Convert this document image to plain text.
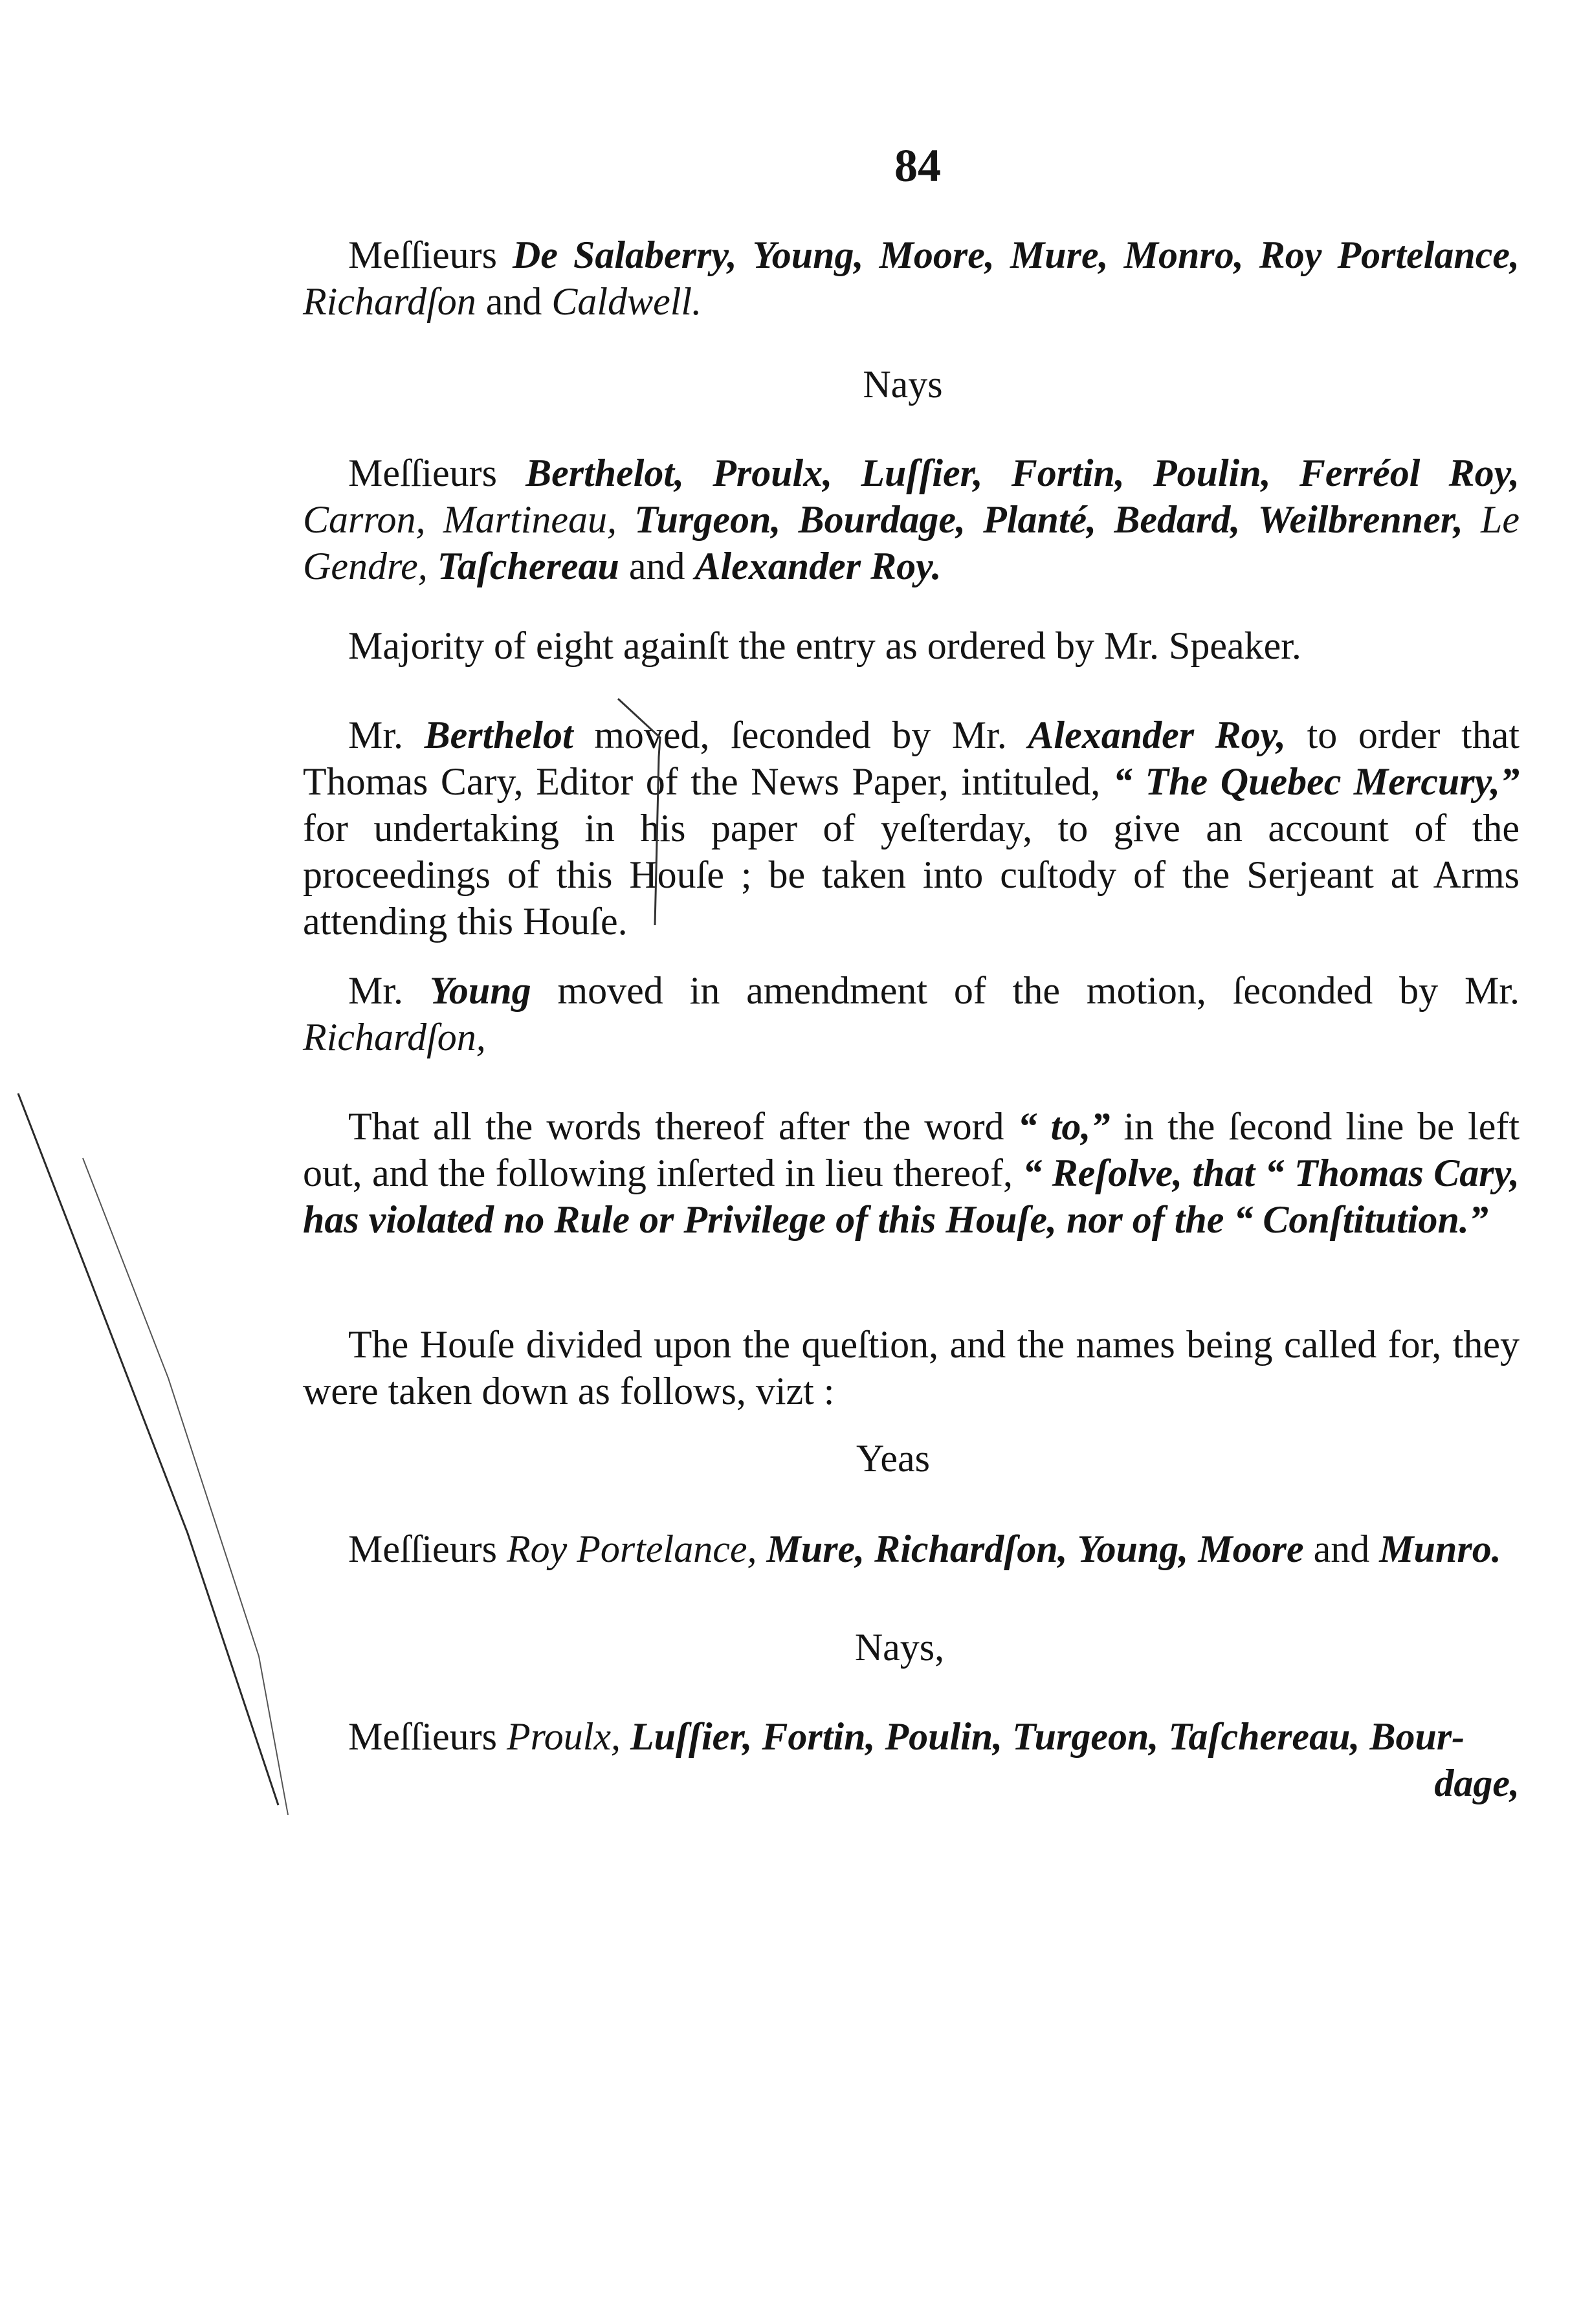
84
Meſſieurs De Salaberry, Young, Moore, Mure, Monro, Roy Portelance, Richardſon and Caldwell.
Nays
Meſſieurs Berthelot, Proulx, Luſſier, Fortin, Poulin, Ferréol Roy, Carron, Martineau, Turgeon, Bourdage, Planté, Bedard, Weilbrenner, Le Gendre, Taſchereau and Alexander Roy.
Majority of eight againſt the entry as ordered by Mr. Speaker.
Mr. Berthelot moved, ſeconded by Mr. Alexander Roy, to order that Thomas Cary, Editor of the News Paper, intituled, “ The Quebec Mercury,” for undertaking in his paper of yeſterday, to give an account of the proceedings of this Houſe ; be taken into cuſtody of the Serjeant at Arms attending this Houſe.
Mr. Young moved in amendment of the motion, ſeconded by Mr. Richardſon,
That all the words thereof after the word “ to,” in the ſecond line be left out, and the following inſerted in lieu thereof, “ Reſolve, that “ Thomas Cary, has violated no Rule or Privilege of this Houſe, nor of the “ Conſtitution.”
The Houſe divided upon the queſtion, and the names being called for, they were taken down as follows, vizt :
Yeas
Meſſieurs Roy Portelance, Mure, Richardſon, Young, Moore and Munro.
Nays,
Meſſieurs Proulx, Luſſier, Fortin, Poulin, Turgeon, Taſchereau, Bour-
dage,
